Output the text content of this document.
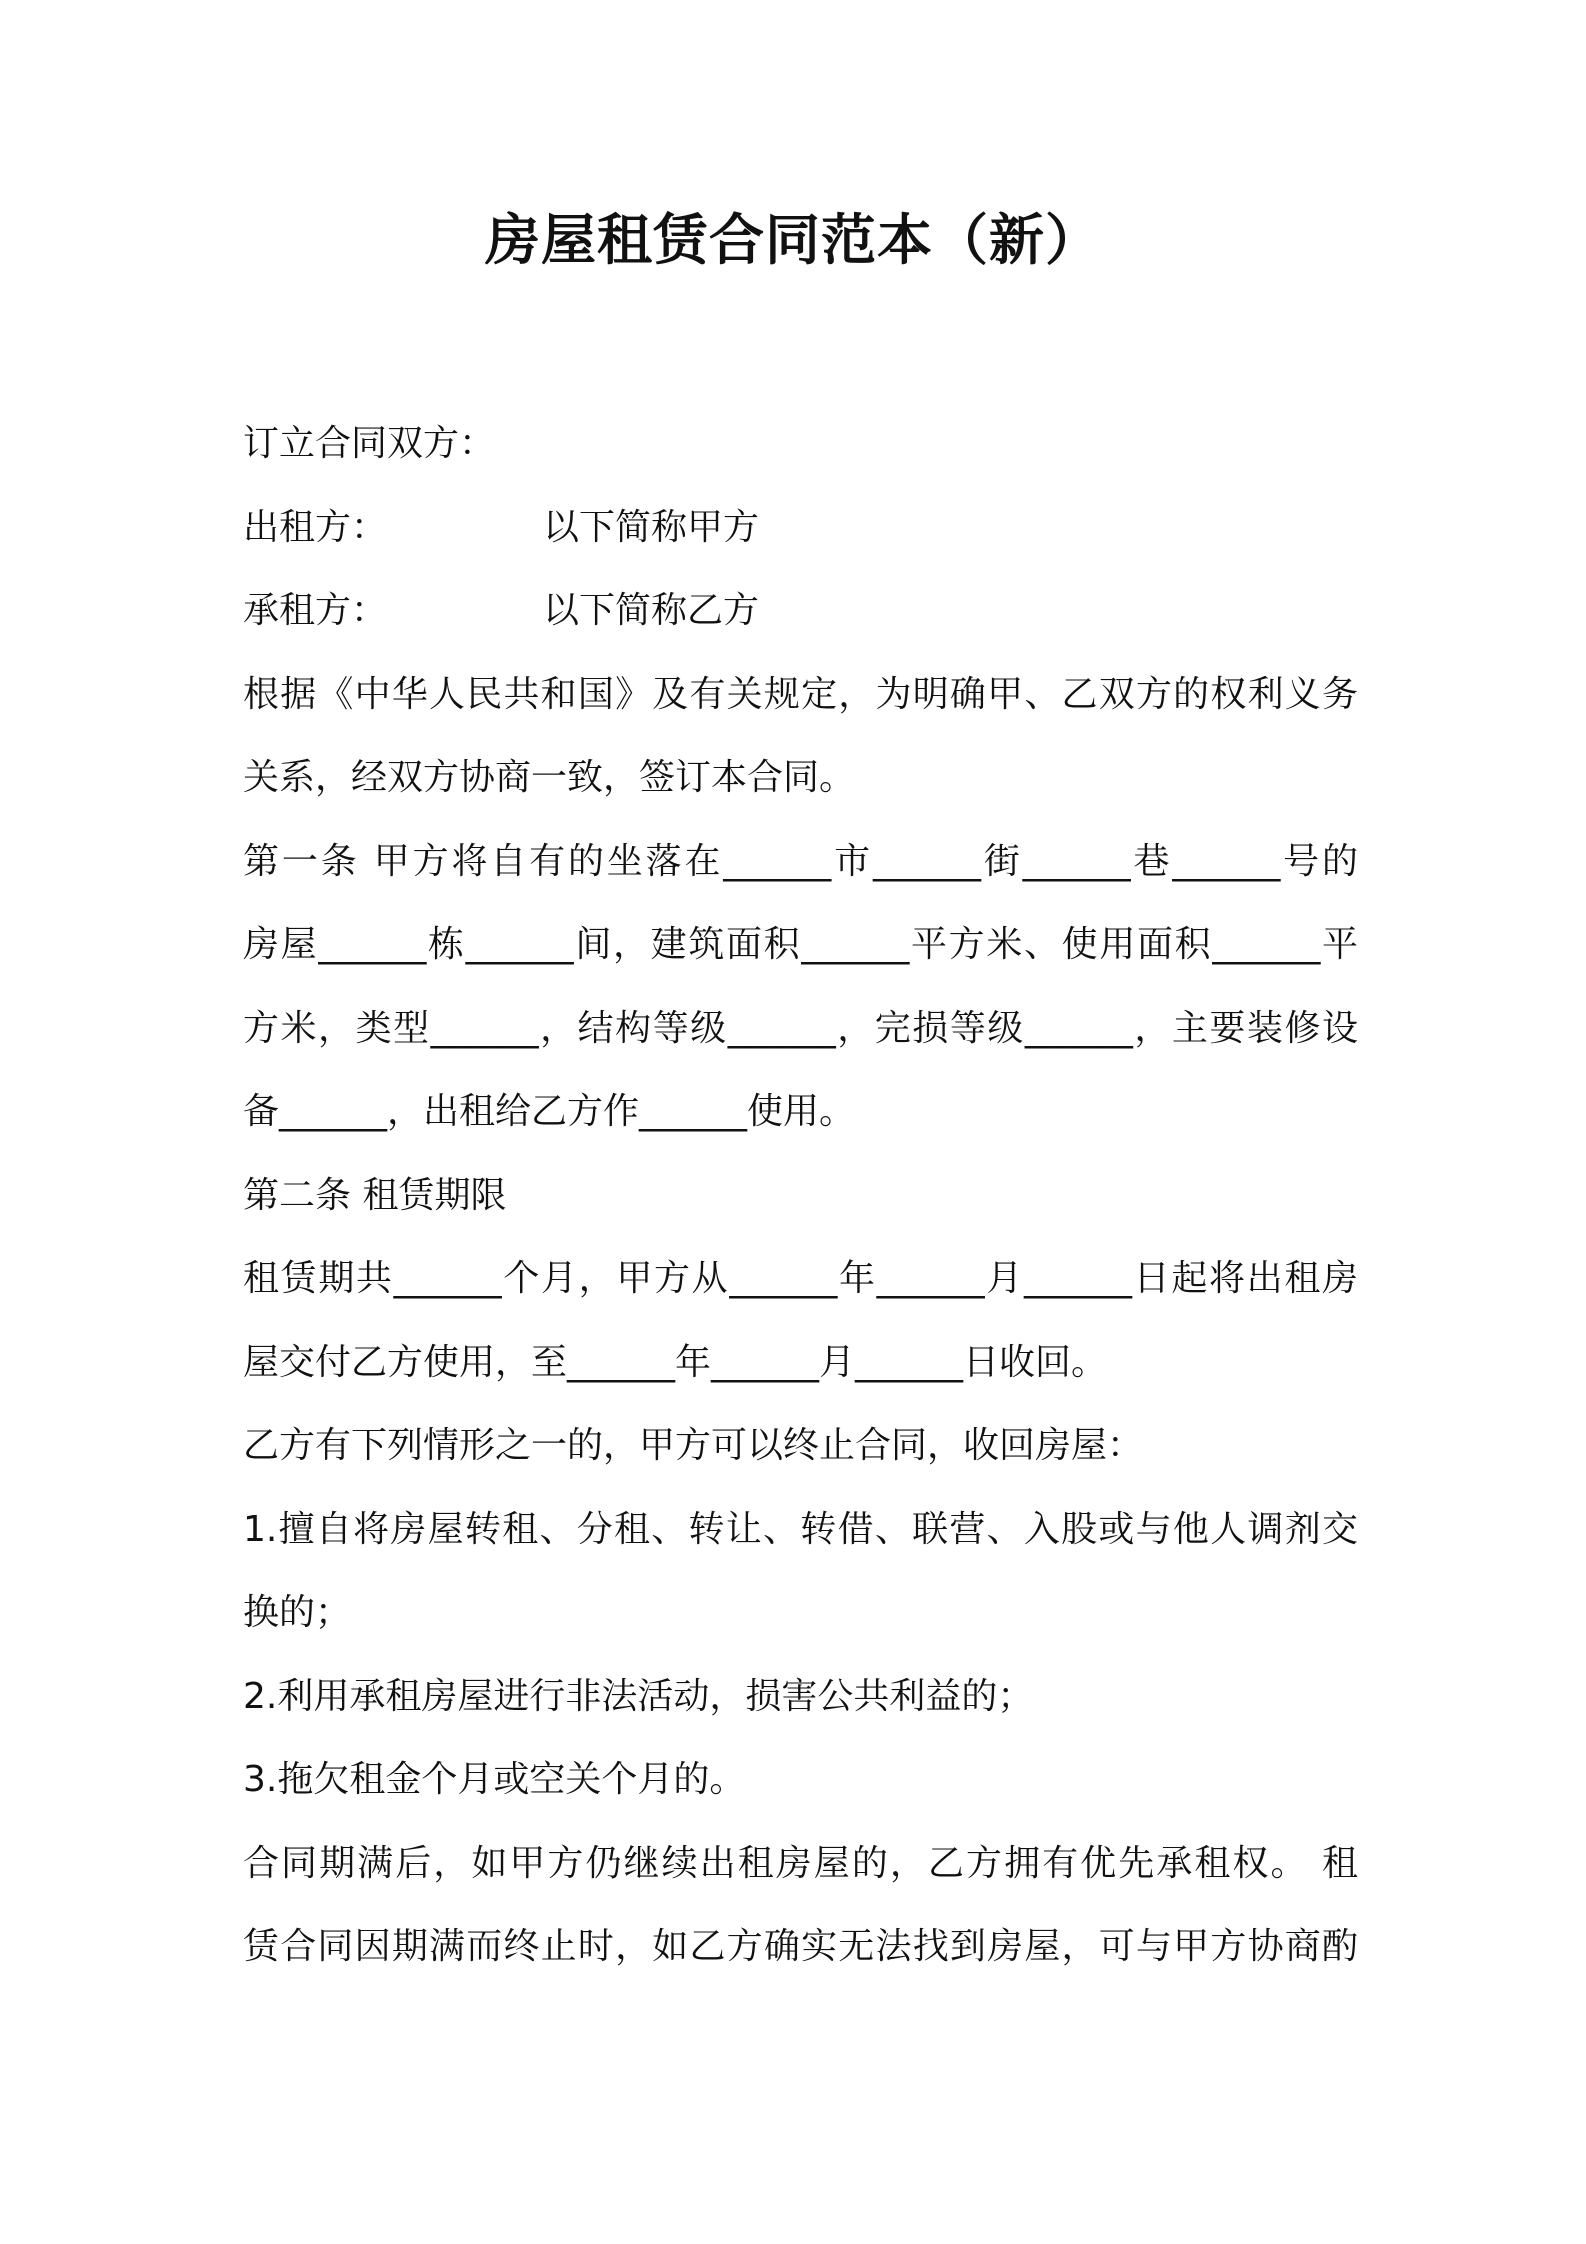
房屋租赁合同范本（新）
订立合同双方：
出租方：	以下简称甲方
承租方：	以下简称乙方
根据《中华人民共和国》及有关规定，为明确甲、乙双方的权利义务
关系，经双方协商一致，签订本合同。
第一条 甲方将自有的坐落在______市______街______巷______号的
房屋______栋______间，建筑面积______平方米、使用面积______平
方米，类型______，结构等级______，完损等级______，主要装修设
备______，出租给乙方作______使用。
第二条 租赁期限
租赁期共______个月，甲方从______年______月______日起将出租房
屋交付乙方使用，至______年______月______日收回。
乙方有下列情形之一的，甲方可以终止合同，收回房屋：
1.擅自将房屋转租、分租、转让、转借、联营、入股或与他人调剂交
换的；
2.利用承租房屋进行非法活动，损害公共利益的；
3.拖欠租金个月或空关个月的。
合同期满后，如甲方仍继续出租房屋的，乙方拥有优先承租权。 租
赁合同因期满而终止时，如乙方确实无法找到房屋，可与甲方协商酌
